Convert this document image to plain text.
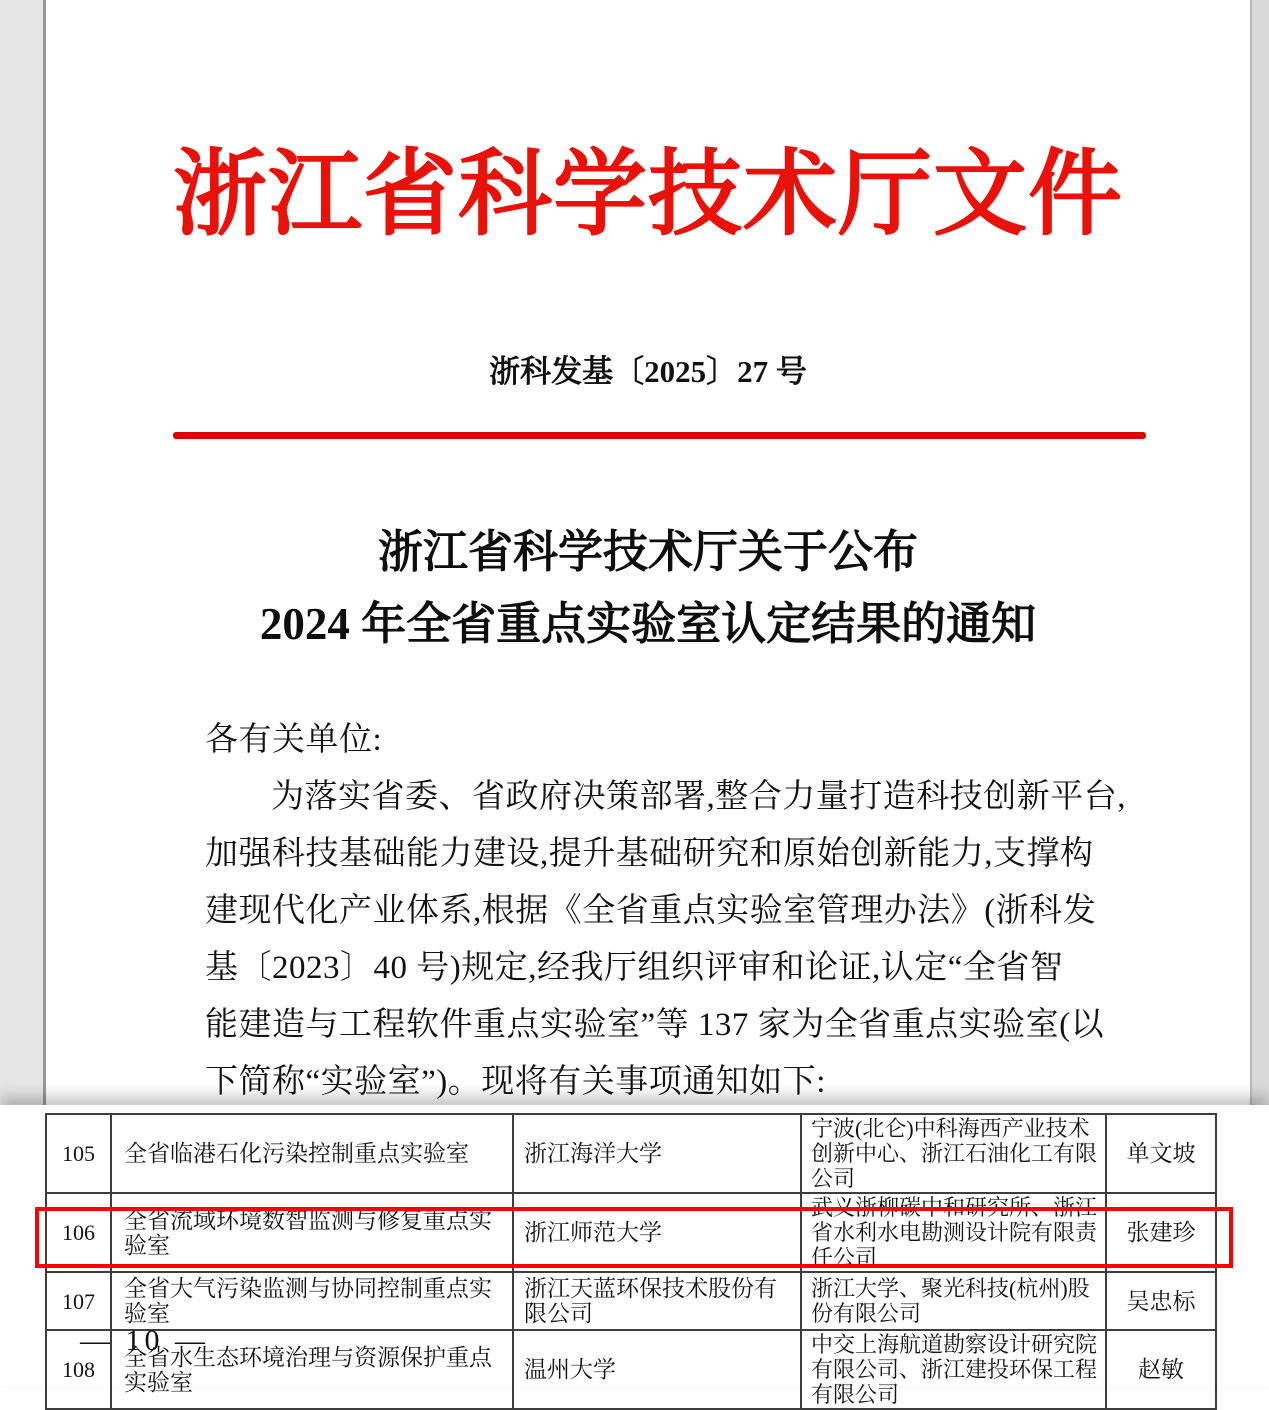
浙江省科学技术厅文件
浙科发基〔2025〕27 号
浙江省科学技术厅关于公布
2024 年全省重点实验室认定结果的通知
各有关单位:
为落实省委、省政府决策部署,整合力量打造科技创新平台,
加强科技基础能力建设,提升基础研究和原始创新能力,支撑构
建现代化产业体系,根据《全省重点实验室管理办法》(浙科发
基〔2023〕40 号)规定,经我厅组织评审和论证,认定“全省智
能建造与工程软件重点实验室”等 137 家为全省重点实验室(以
下简称“实验室”)。现将有关事项通知如下:
105	全省临港石化污染控制重点实验室	浙江海洋大学	宁波(北仑)中科海西产业技术创新中心、浙江石油化工有限公司	单文坡
106	全省流域环境数智监测与修复重点实验室	浙江师范大学	武义浙柳碳中和研究所、浙江省水利水电勘测设计院有限责任公司	张建珍
107	全省大气污染监测与协同控制重点实验室	浙江天蓝环保技术股份有限公司	浙江大学、聚光科技(杭州)股份有限公司	吴忠标
108	全省水生态环境治理与资源保护重点实验室	温州大学	中交上海航道勘察设计研究院有限公司、浙江建投环保工程有限公司	赵敏
— 10 —
